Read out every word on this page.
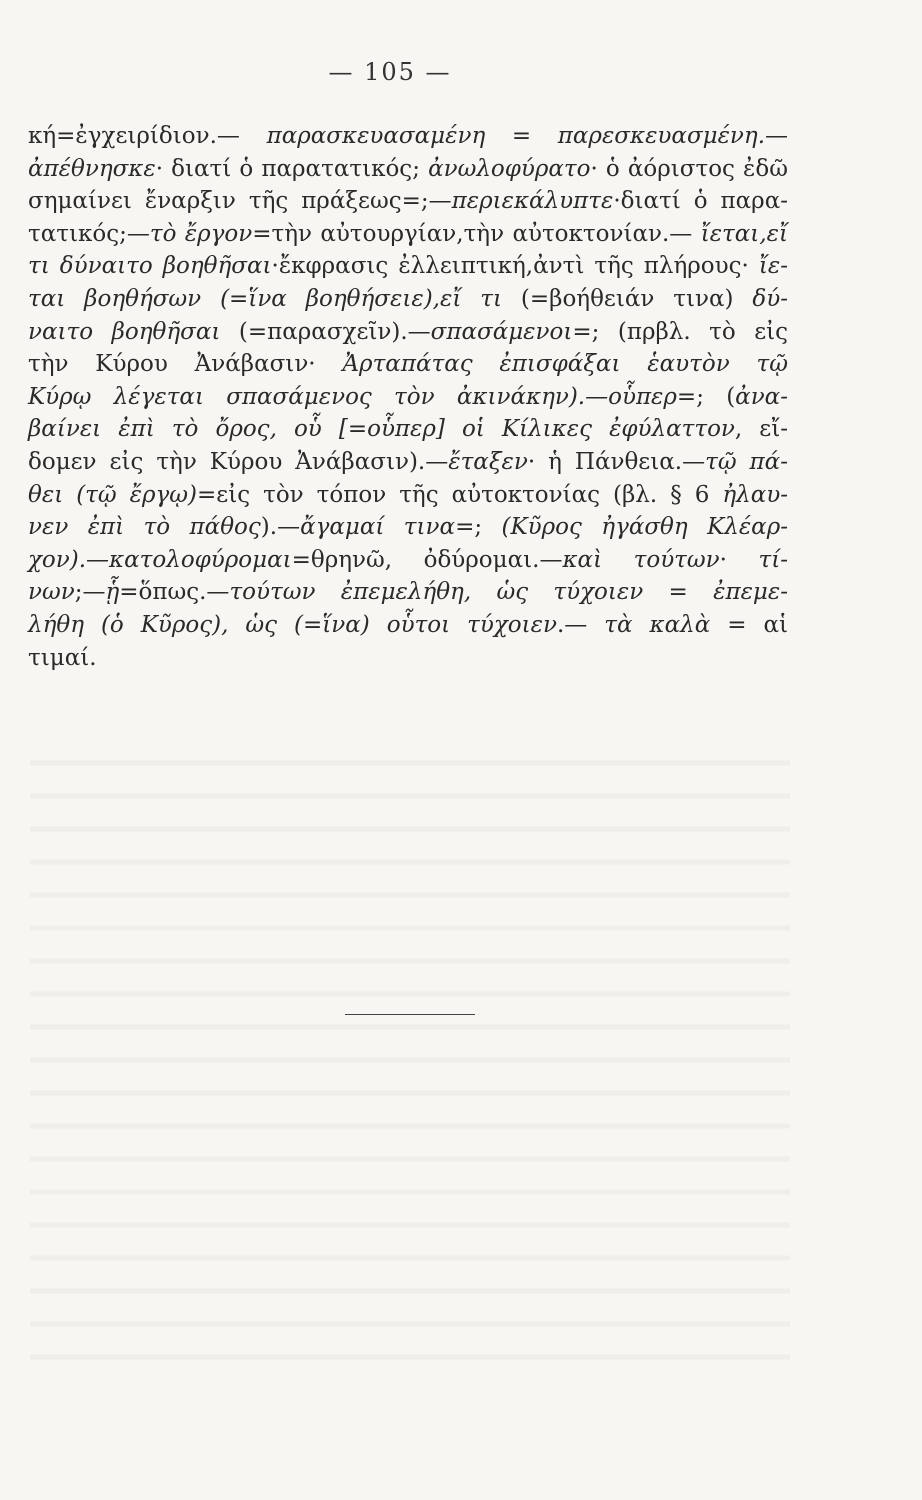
— 105 —
κή=ἐγχειρίδιον.— παρασκευασαμένη = παρεσκευασμένη.—
ἀπέθνησκε· διατί ὁ παρατατικός; ἀνωλοφύρατο· ὁ ἀόριστος ἐδῶ
σημαίνει ἔναρξιν τῆς πράξεως=;—περιεκάλυπτε·διατί ὁ παρα-
τατικός;—τὸ ἔργον=τὴν αὐτουργίαν,τὴν αὐτοκτονίαν.— ἴεται,εἴ
τι δύναιτο βοηθῆσαι·ἔκφρασις ἐλλειπτική,ἀντὶ τῆς πλήρους· ἴε-
ται βοηθήσων (=ἵνα βοηθήσειε),εἴ τι (=βοήθειάν τινα) δύ-
ναιτο βοηθῆσαι (=παρασχεῖν).—σπασάμενοι=; (πρβλ. τὸ εἰς
τὴν Κύρου Ἀνάβασιν· Ἀρταπάτας ἐπισφάξαι ἑαυτὸν τῷ
Κύρῳ λέγεται σπασάμενος τὸν ἀκινάκην).—οὗπερ=; (ἀνα-
βαίνει ἐπὶ τὸ ὄρος, οὗ [=οὗπερ] οἱ Κίλικες ἐφύλαττον, εἴ-
δομεν εἰς τὴν Κύρου Ἀνάβασιν).—ἔταξεν· ἡ Πάνθεια.—τῷ πά-
θει (τῷ ἔργῳ)=εἰς τὸν τόπον τῆς αὐτοκτονίας (βλ. § 6 ἠλαυ-
νεν ἐπὶ τὸ πάθος).—ἄγαμαί τινα=; (Κῦρος ἠγάσθη Κλέαρ-
χον).—κατολοφύρομαι=θρηνῶ, ὀδύρομαι.—καὶ τούτων· τί-
νων;—ᾗ=ὅπως.—τούτων ἐπεμελήθη, ὡς τύχοιεν = ἐπεμε-
λήθη (ὁ Κῦρος), ὡς (=ἵνα) οὗτοι τύχοιεν.— τὰ καλὰ = αἱ
τιμαί.
